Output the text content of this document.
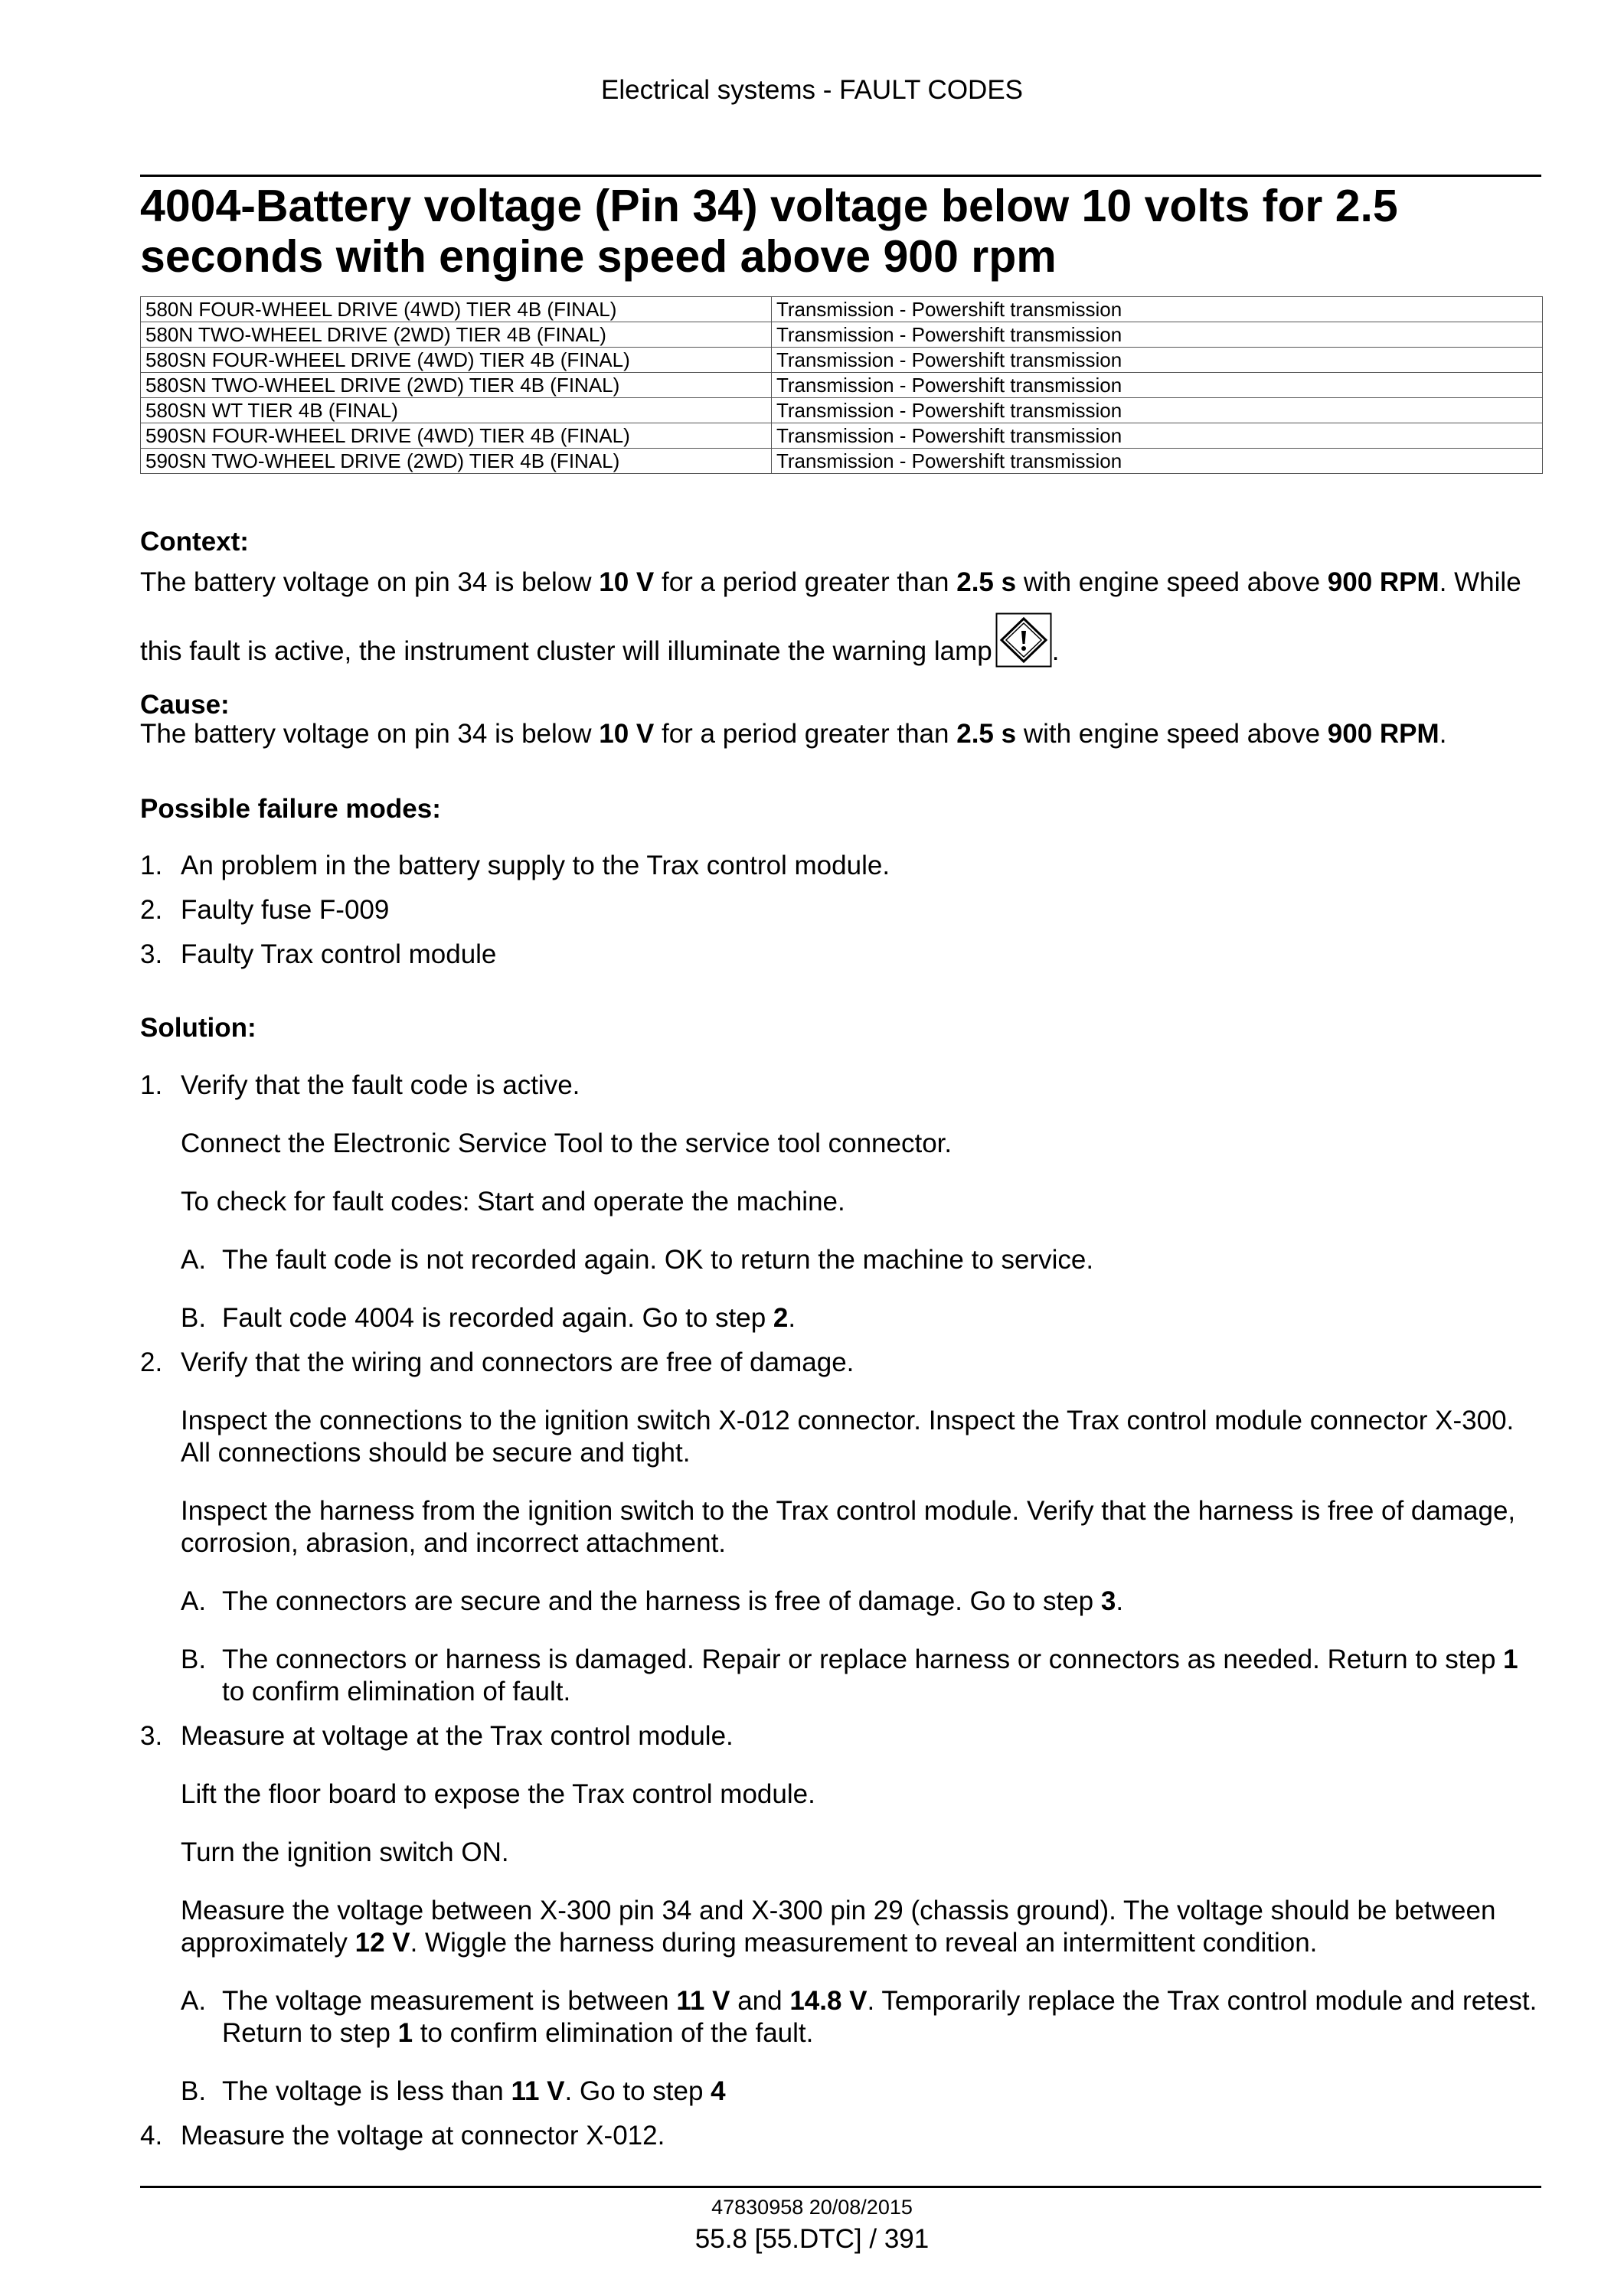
Electrical systems - FAULT CODES
4004-Battery voltage (Pin 34) voltage below 10 volts for 2.5 seconds with engine speed above 900 rpm
580N FOUR-WHEEL DRIVE (4WD) TIER 4B (FINAL)	Transmission - Powershift transmission
580N TWO-WHEEL DRIVE (2WD) TIER 4B (FINAL)	Transmission - Powershift transmission
580SN FOUR-WHEEL DRIVE (4WD) TIER 4B (FINAL)	Transmission - Powershift transmission
580SN TWO-WHEEL DRIVE (2WD) TIER 4B (FINAL)	Transmission - Powershift transmission
580SN WT TIER 4B (FINAL)	Transmission - Powershift transmission
590SN FOUR-WHEEL DRIVE (4WD) TIER 4B (FINAL)	Transmission - Powershift transmission
590SN TWO-WHEEL DRIVE (2WD) TIER 4B (FINAL)	Transmission - Powershift transmission
Context:
The battery voltage on pin 34 is below 10 V for a period greater than 2.5 s with engine speed above 900 RPM. While this fault is active, the instrument cluster will illuminate the warning lamp .
Cause:
The battery voltage on pin 34 is below 10 V for a period greater than 2.5 s with engine speed above 900 RPM.
Possible failure modes:
1. An problem in the battery supply to the Trax control module.
2. Faulty fuse F-009
3. Faulty Trax control module
Solution:
1. Verify that the fault code is active.
Connect the Electronic Service Tool to the service tool connector.
To check for fault codes: Start and operate the machine.
A. The fault code is not recorded again. OK to return the machine to service.
B. Fault code 4004 is recorded again. Go to step 2.
2. Verify that the wiring and connectors are free of damage.
Inspect the connections to the ignition switch X-012 connector. Inspect the Trax control module connector X-300. All connections should be secure and tight.
Inspect the harness from the ignition switch to the Trax control module. Verify that the harness is free of damage, corrosion, abrasion, and incorrect attachment.
A. The connectors are secure and the harness is free of damage. Go to step 3.
B. The connectors or harness is damaged. Repair or replace harness or connectors as needed. Return to step 1 to confirm elimination of fault.
3. Measure at voltage at the Trax control module.
Lift the floor board to expose the Trax control module.
Turn the ignition switch ON.
Measure the voltage between X-300 pin 34 and X-300 pin 29 (chassis ground). The voltage should be between approximately 12 V. Wiggle the harness during measurement to reveal an intermittent condition.
A. The voltage measurement is between 11 V and 14.8 V. Temporarily replace the Trax control module and retest. Return to step 1 to confirm elimination of the fault.
B. The voltage is less than 11 V. Go to step 4
4. Measure the voltage at connector X-012.
47830958 20/08/2015
55.8 [55.DTC] / 391
